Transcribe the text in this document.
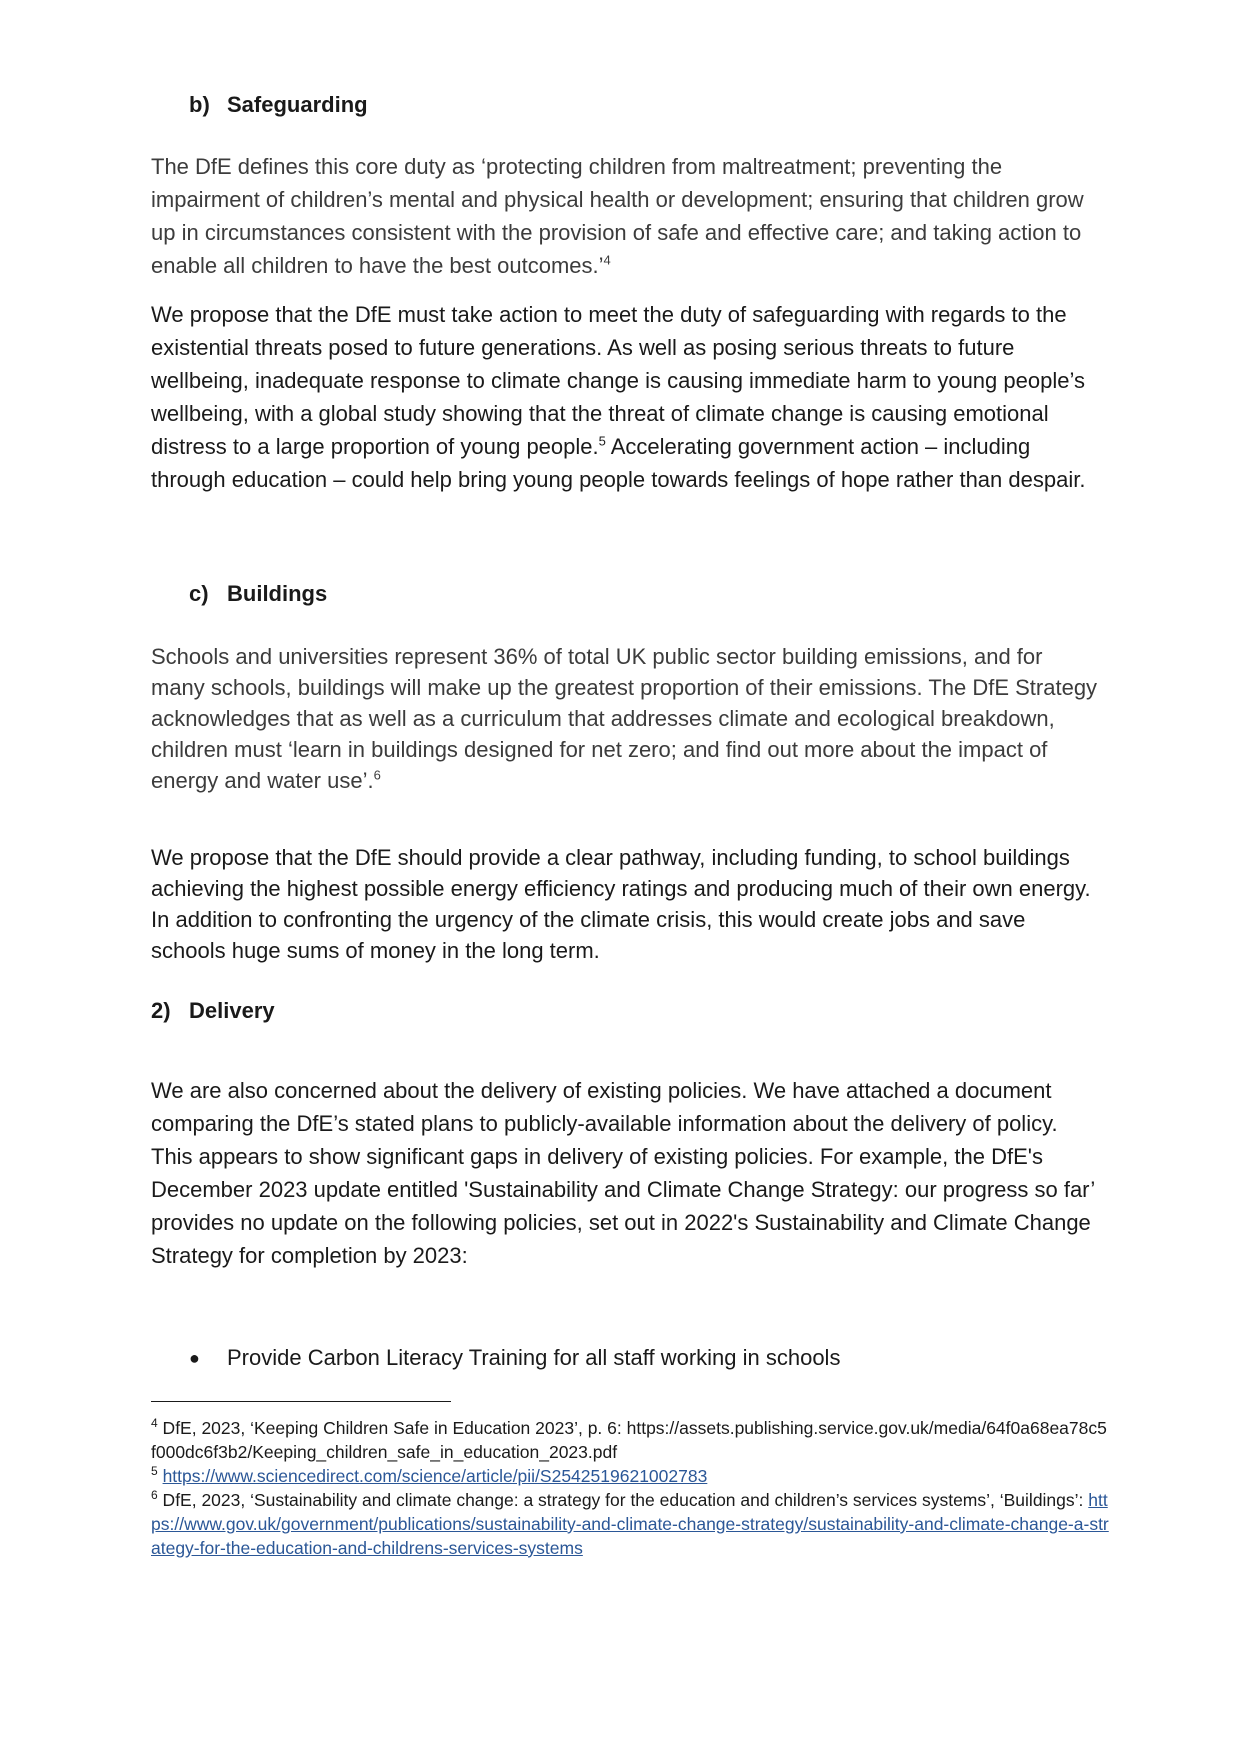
b) Safeguarding

The DfE defines this core duty as ‘protecting children from maltreatment; preventing the impairment of children’s mental and physical health or development; ensuring that children grow up in circumstances consistent with the provision of safe and effective care; and taking action to enable all children to have the best outcomes.’$^4$

We propose that the DfE must take action to meet the duty of safeguarding with regards to the existential threats posed to future generations. As well as posing serious threats to future wellbeing, inadequate response to climate change is causing immediate harm to young people’s wellbeing, with a global study showing that the threat of climate change is causing emotional distress to a large proportion of young people.$^5$ Accelerating government action – including through education – could help bring young people towards feelings of hope rather than despair.

c) Buildings

Schools and universities represent 36% of total UK public sector building emissions, and for many schools, buildings will make up the greatest proportion of their emissions. The DfE Strategy acknowledges that as well as a curriculum that addresses climate and ecological breakdown, children must ‘learn in buildings designed for net zero; and find out more about the impact of energy and water use’.$^6$

We propose that the DfE should provide a clear pathway, including funding, to school buildings achieving the highest possible energy efficiency ratings and producing much of their own energy. In addition to confronting the urgency of the climate crisis, this would create jobs and save schools huge sums of money in the long term.

2) Delivery

We are also concerned about the delivery of existing policies. We have attached a document comparing the DfE’s stated plans to publicly-available information about the delivery of policy. This appears to show significant gaps in delivery of existing policies. For example, the DfE's December 2023 update entitled 'Sustainability and Climate Change Strategy: our progress so far’ provides no update on the following policies, set out in 2022's Sustainability and Climate Change Strategy for completion by 2023:

● Provide Carbon Literacy Training for all staff working in schools

$^4$ DfE, 2023, ‘Keeping Children Safe in Education 2023’, p. 6: https://assets.publishing.service.gov.uk/media/64f0a68ea78c5f000dc6f3b2/Keeping_children_safe_in_education_2023.pdf

$^5$ https://www.sciencedirect.com/science/article/pii/S2542519621002783

$^6$ DfE, 2023, ‘Sustainability and climate change: a strategy for the education and children’s services systems’, ‘Buildings’: https://www.gov.uk/government/publications/sustainability-and-climate-change-strategy/sustainability-and-climate-change-a-strategy-for-the-education-and-childrens-services-systems
